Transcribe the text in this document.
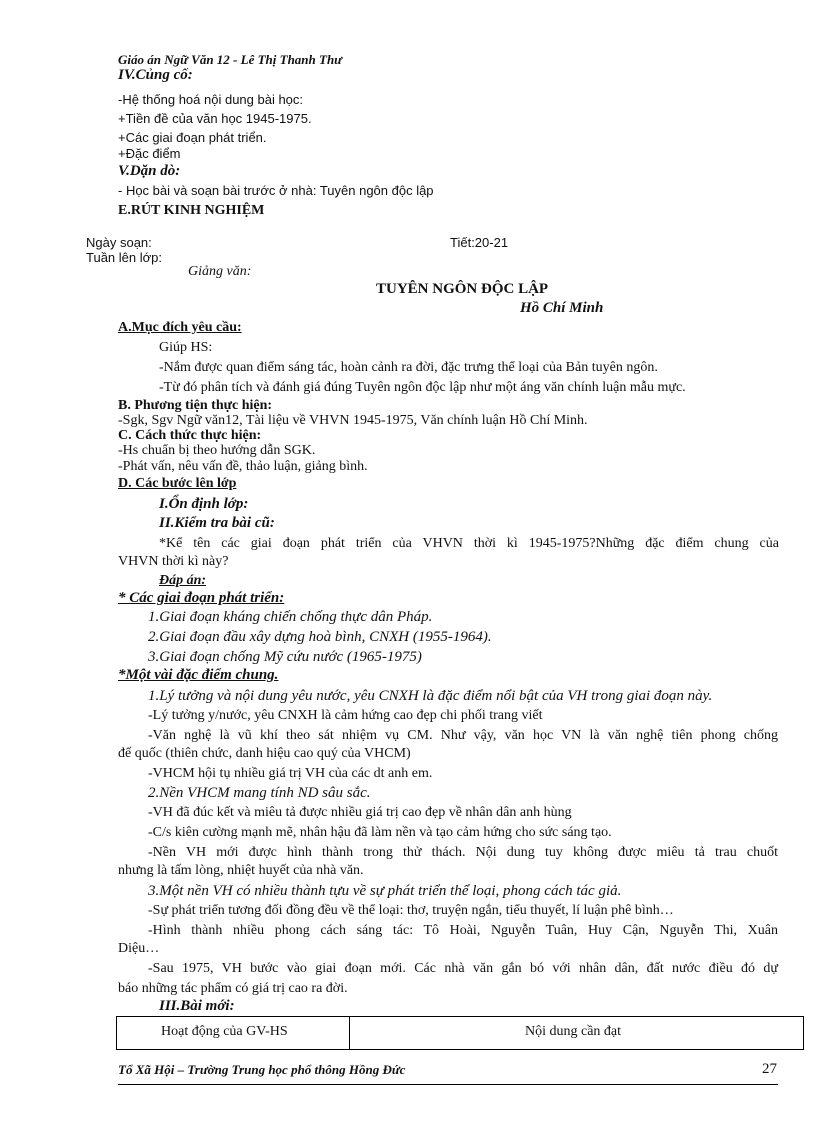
Giáo án Ngữ Văn 12 - Lê Thị Thanh Thư
IV.Củng cố:
-Hệ thống hoá nội dung bài học:
+Tiền đề của văn học 1945-1975.
+Các giai đoạn phát triển.
+Đặc điểm
V.Dặn dò:
- Học bài và soạn bài trước ở nhà: Tuyên ngôn độc lập
E.RÚT KINH NGHIỆM
Ngày soạn:	Tiết:20-21
Tuần lên lớp:
Giảng văn:
TUYÊN NGÔN ĐỘC LẬP
Hồ Chí Minh
A.Mục đích yêu cầu:
Giúp HS:
-Nắm được quan điểm sáng tác, hoàn cảnh ra đời, đặc trưng thể loại của Bản tuyên ngôn.
-Từ đó phân tích và đánh giá đúng Tuyên ngôn độc lập như một áng văn chính luận mẫu mực.
B. Phương tiện thực hiện:
-Sgk, Sgv Ngữ văn12, Tài liệu về VHVN 1945-1975, Văn chính luận Hồ Chí Minh.
C. Cách thức thực hiện:
-Hs chuẩn bị theo hướng dẫn SGK.
-Phát vấn, nêu vấn đề, thảo luận, giảng bình.
D. Các bước lên lớp
I.Ổn định lớp:
II.Kiểm tra bài cũ:
*Kể tên các giai đoạn phát triển của VHVN thời kì 1945-1975?Những đặc điểm chung của
VHVN thời kì này?
Đáp án:
* Các giai đoạn phát triển:
1.Giai đoạn kháng chiến chống thực dân Pháp.
2.Giai đoạn đầu xây dựng hoà bình, CNXH (1955-1964).
3.Giai đoạn chống Mỹ cứu nước (1965-1975)
*Một vài đặc điểm chung.
1.Lý tưởng và nội dung yêu nước, yêu CNXH là đặc điểm nổi bật của VH trong giai đoạn này.
-Lý tưởng y/nước, yêu CNXH là cảm hứng cao đẹp chi phối trang viết
-Văn nghệ là vũ khí theo sát nhiệm vụ CM. Như vậy, văn học VN là văn nghệ tiên phong chống
đế quốc (thiên chức, danh hiệu cao quý của VHCM)
-VHCM hội tụ nhiều giá trị VH của các dt anh em.
2.Nền VHCM mang tính ND sâu sắc.
-VH đã đúc kết và miêu tả được nhiều giá trị cao đẹp về nhân dân anh hùng
-C/s kiên cường mạnh mẽ, nhân hậu đã làm nền và tạo cảm hứng cho sức sáng tạo.
-Nền VH mới được hình thành trong thử thách. Nội dung tuy không được miêu tả trau chuốt
nhưng là tấm lòng, nhiệt huyết của nhà văn.
3.Một nền VH có nhiều thành tựu về sự phát triển thể loại, phong cách tác giả.
-Sự phát triển tương đối đồng đều về thể loại: thơ, truyện ngắn, tiểu thuyết, lí luận phê bình…
-Hình thành nhiều phong cách sáng tác: Tô Hoài, Nguyễn Tuân, Huy Cận, Nguyễn Thi, Xuân
Diệu…
-Sau 1975, VH bước vào giai đoạn mới. Các nhà văn gắn bó với nhân dân, đất nước điều đó dự
báo những tác phẩm có giá trị cao ra đời.
III.Bài mới:
Hoạt động của GV-HS	Nội dung cần đạt
Tổ Xã Hội – Trường Trung học phổ thông Hồng Đức	27
